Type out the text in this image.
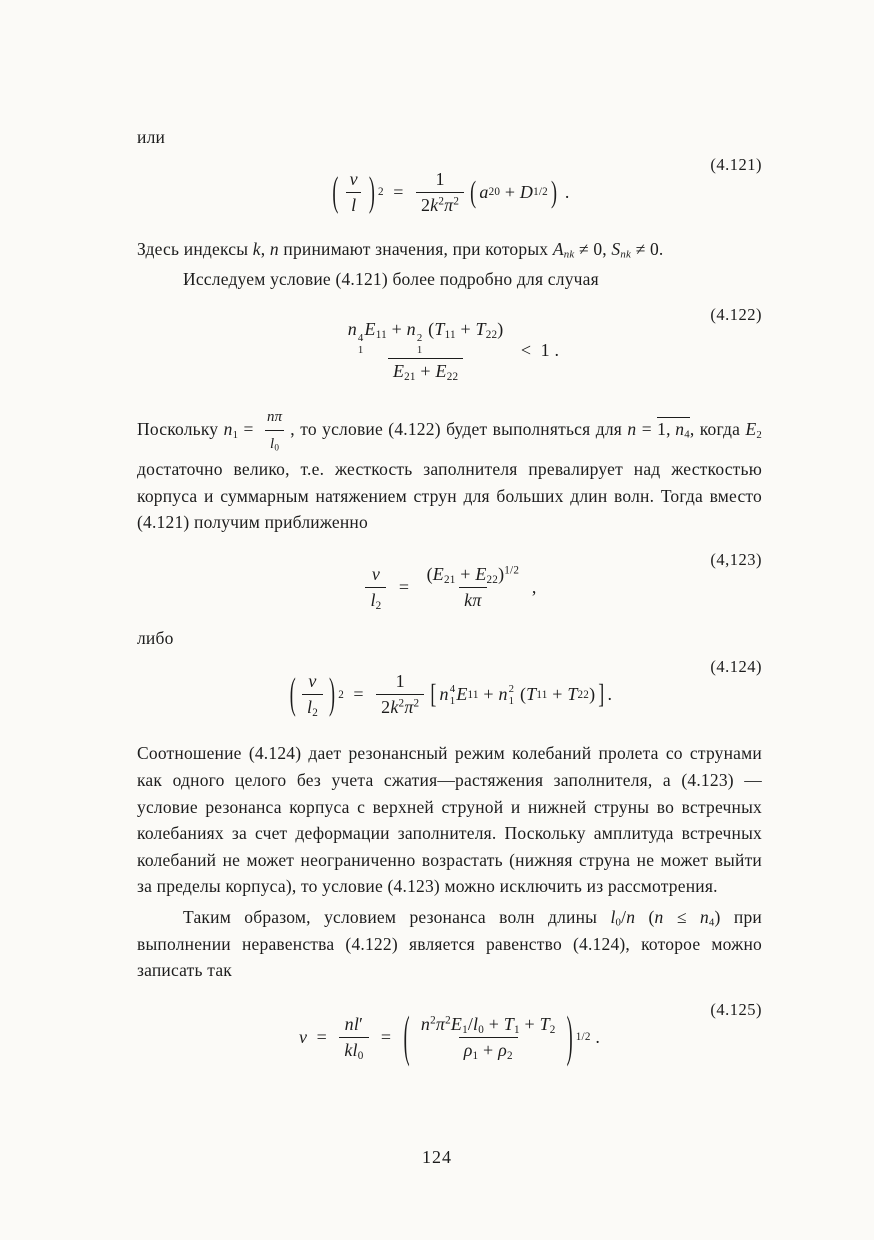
или

( $\frac{v}{l}$ ) $2 = \frac{1}{2k^2\pi^2}$ ( a 20 + D 1/2 ) .
(4.121)

Здесь индексы k, n принимают значения, при которых Ank ≠ 0, Snk ≠ 0.

Исследуем условие (4.121) более подробно для случая

n 4
1
E11 + n 2
1
(T11 + T22)
E21 + E22 <  1 .
(4.122)

Поскольку $n1 = \frac{n\pi}{l0}$ , то условие (4.122) будет выполняться для n = 1, n4, когда E2 достаточно велико, т.е. жесткость заполнителя превалирует над жесткостью корпуса и суммарным натяжением струн для больших длин волн. Тогда вместо (4.121) получим приближенно

$\frac{v}{l2} = \frac{(E21 + E22)^{1/2}}{k\pi}$ ,
(4,123)

либо

( $\frac{v}{l2}$ ) $2 = \frac{1}{2k^2\pi^2}$ [ n 4
1 E 11 + n 2
1 ( T 11 + T 22 ) ] .
(4.124)

Соотношение (4.124) дает резонансный режим колебаний пролета со струнами как одного целого без учета сжатия—растяжения заполнителя, а (4.123) — условие резонанса корпуса с верхней струной и нижней струны во встречных колебаниях за счет деформации заполнителя. Поскольку амплитуда встречных колебаний не может неограниченно возрастать (нижняя струна не может выйти за пределы корпуса), то условие (4.123) можно исключить из рассмотрения.

Таким образом, условием резонанса волн длины l0/n (n ≤ n4) при выполнении неравенства (4.122) является равенство (4.124), которое можно записать так

$v = \frac{nl'}{kl0}$ = ( $\frac{n^2\pi^2E1/l0 + T1 + T2}{\rho 1 + \rho 2}$ ) 1/2 .
(4.125)
124
